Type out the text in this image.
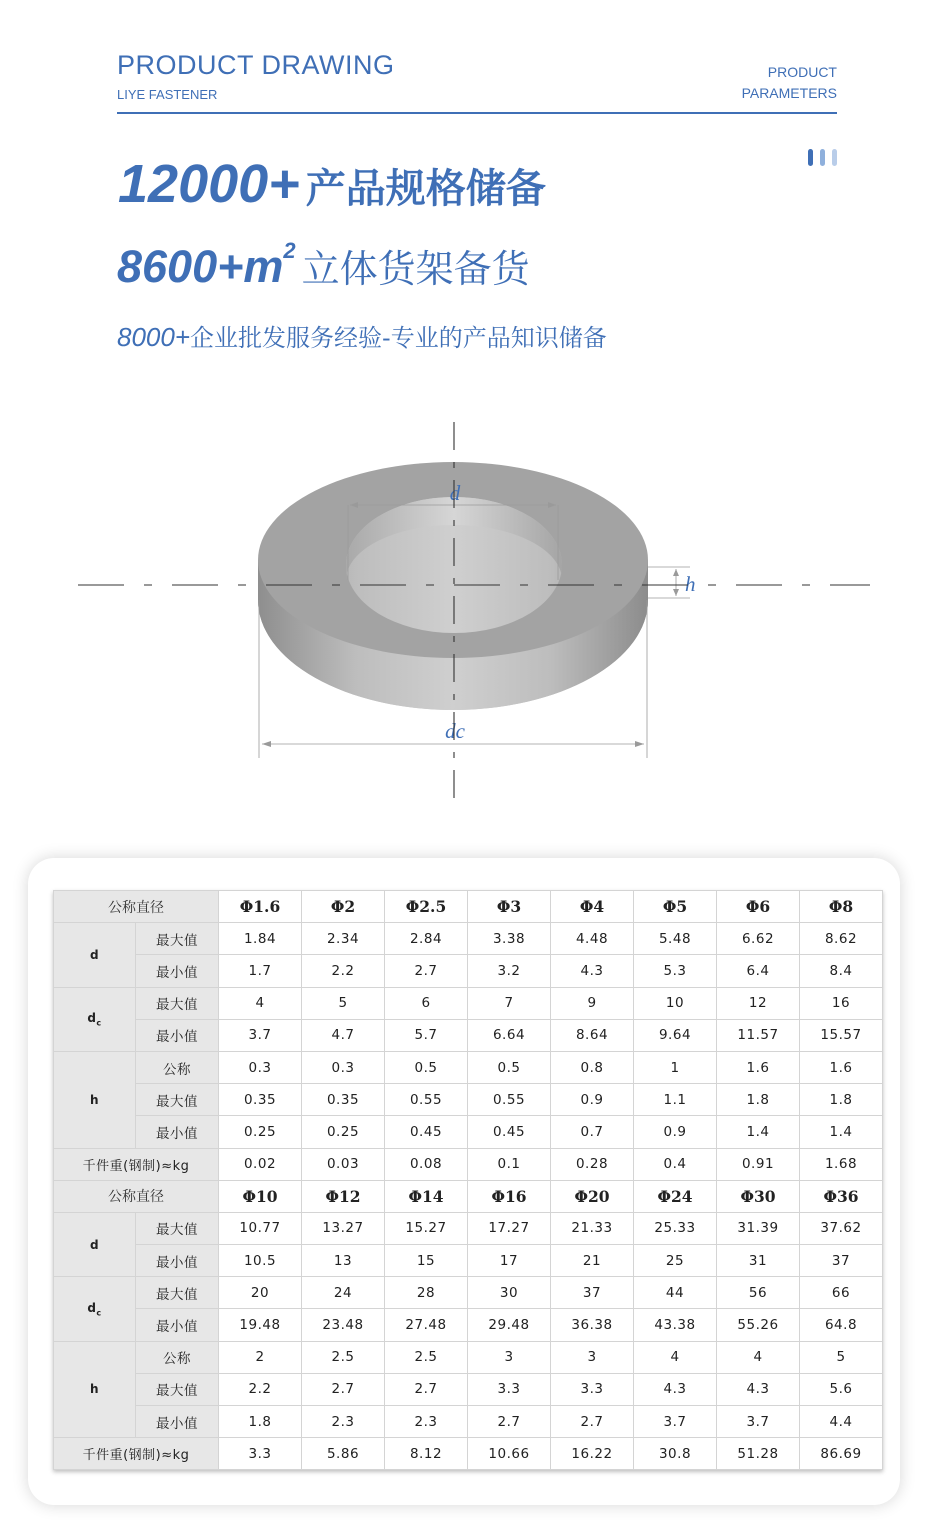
PRODUCT DRAWING
LIYE FASTENER
PRODUCT
PARAMETERS
12000+ 产品规格储备
$8600+m^2$ 立体货架备货
8000+企业批发服务经验-专业的产品知识储备
d
h
dc
公称直径		Φ1.6	Φ2	Φ2.5	Φ3	Φ4	Φ5	Φ6	Φ8
d	最大值	1.84	2.34	2.84	3.38	4.48	5.48	6.62	8.62
	最小值	1.7	2.2	2.7	3.2	4.3	5.3	6.4	8.4
$d_c$	最大值	4	5	6	7	9	10	12	16
	最小值	3.7	4.7	5.7	6.64	8.64	9.64	11.57	15.57
h	公称	0.3	0.3	0.5	0.5	0.8	1	1.6	1.6
	最大值	0.35	0.35	0.55	0.55	0.9	1.1	1.8	1.8
	最小值	0.25	0.25	0.45	0.45	0.7	0.9	1.4	1.4
千件重(钢制)≈kg		0.02	0.03	0.08	0.1	0.28	0.4	0.91	1.68
公称直径		Φ10	Φ12	Φ14	Φ16	Φ20	Φ24	Φ30	Φ36
d	最大值	10.77	13.27	15.27	17.27	21.33	25.33	31.39	37.62
	最小值	10.5	13	15	17	21	25	31	37
$d_c$	最大值	20	24	28	30	37	44	56	66
	最小值	19.48	23.48	27.48	29.48	36.38	43.38	55.26	64.8
h	公称	2	2.5	2.5	3	3	4	4	5
	最大值	2.2	2.7	2.7	3.3	3.3	4.3	4.3	5.6
	最小值	1.8	2.3	2.3	2.7	2.7	3.7	3.7	4.4
千件重(钢制)≈kg		3.3	5.86	8.12	10.66	16.22	30.8	51.28	86.69
